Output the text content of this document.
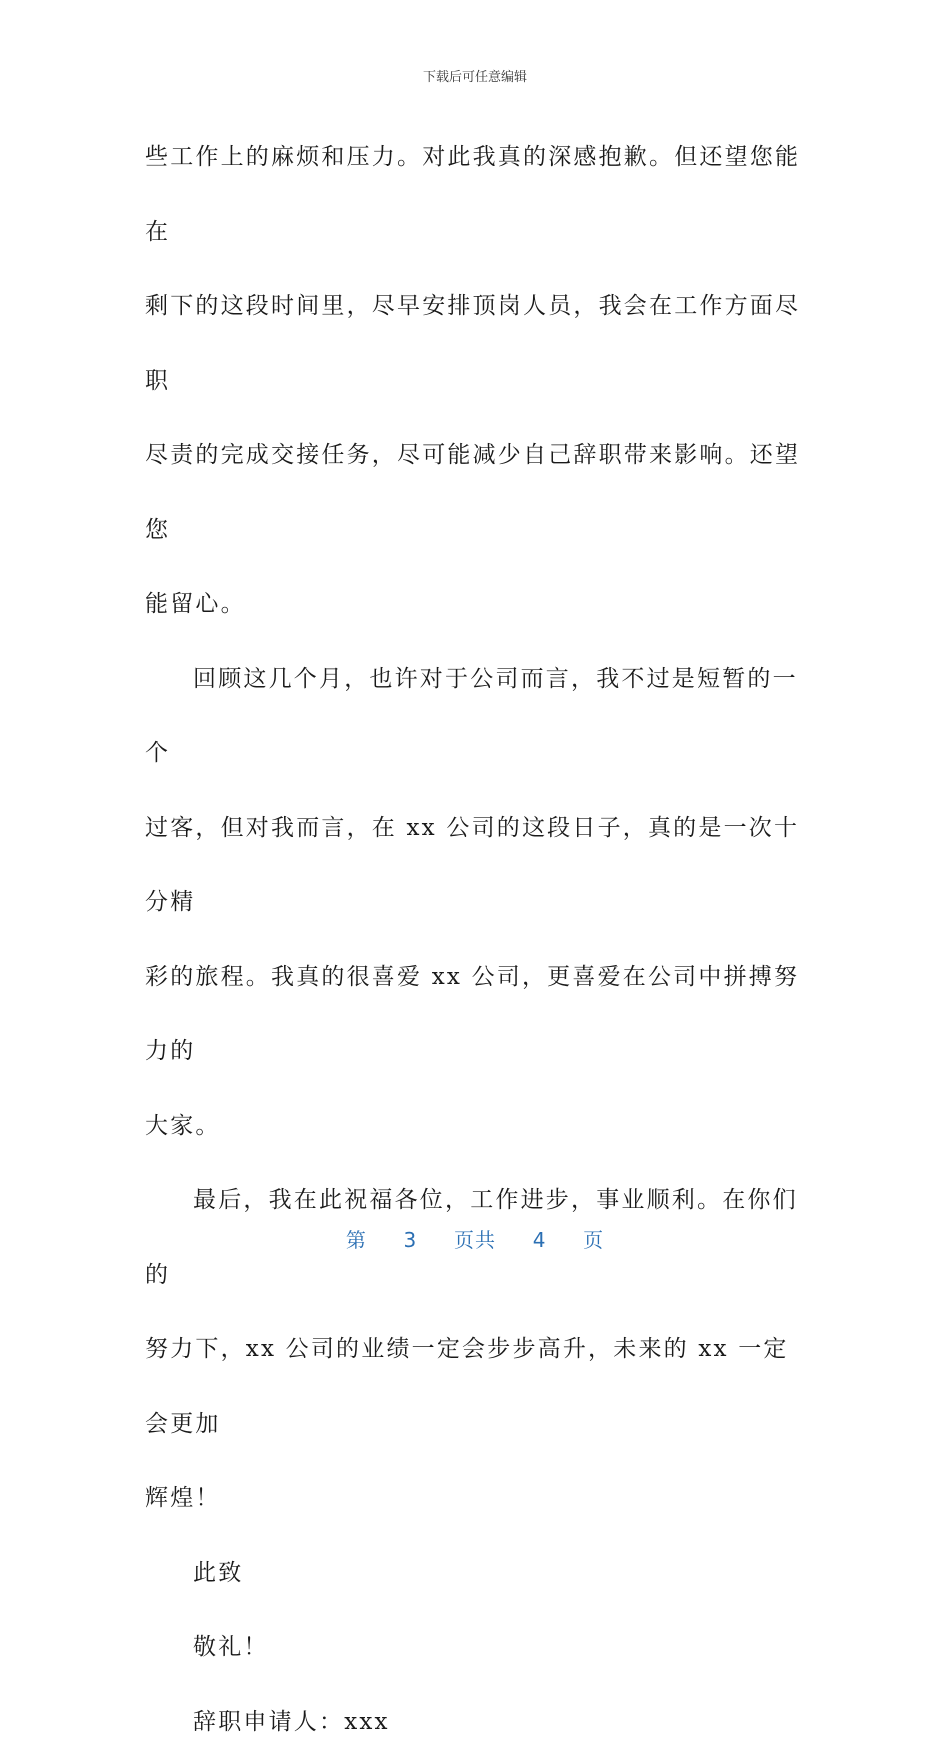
下载后可任意编辑

些工作上的麻烦和压力。对此我真的深感抱歉。但还望您能在
剩下的这段时间里，尽早安排顶岗人员，我会在工作方面尽职
尽责的完成交接任务，尽可能减少自己辞职带来影响。还望您
能留心。

回顾这几个月，也许对于公司而言，我不过是短暂的一个
过客，但对我而言，在 xx 公司的这段日子，真的是一次十分精
彩的旅程。我真的很喜爱 xx 公司，更喜爱在公司中拼搏努力的
大家。

最后，我在此祝福各位，工作进步，事业顺利。在你们的
努力下，xx 公司的业绩一定会步步高升，未来的 xx 一定会更加
辉煌！

此致

敬礼！

辞职申请人：xxx

第 3 页共 4 页
